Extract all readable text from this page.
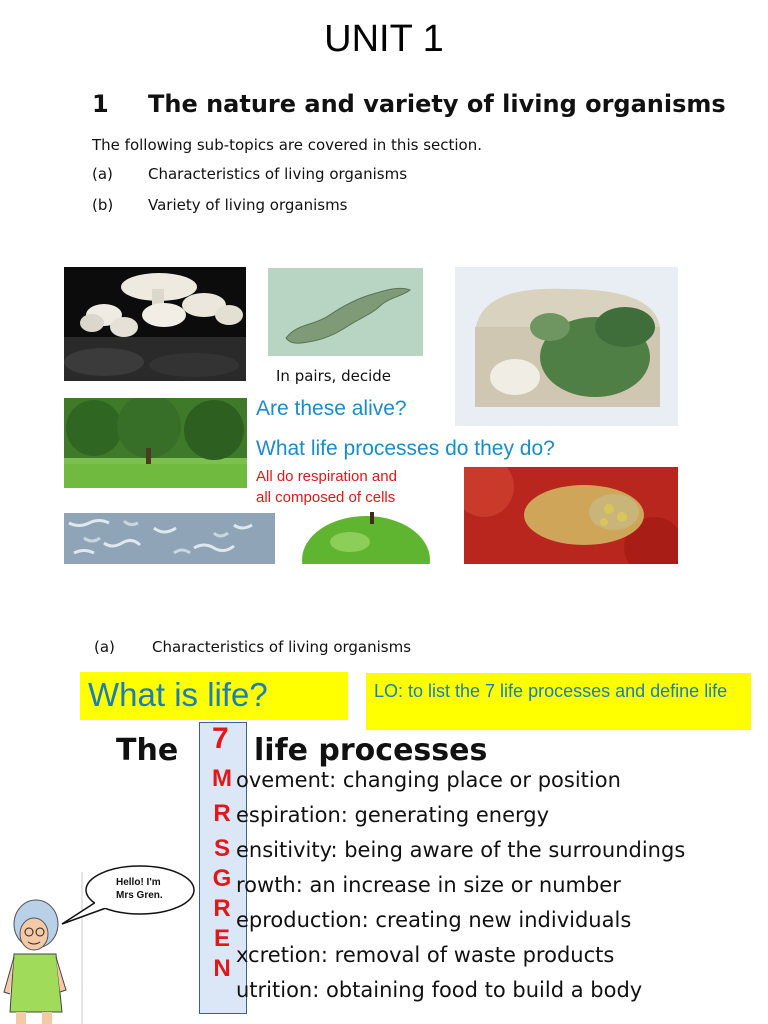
UNIT 1
1 The nature and variety of living organisms
The following sub-topics are covered in this section.
(a) Characteristics of living organisms
(b) Variety of living organisms
In pairs, decide
Are these alive?
What life processes do they do?
All do respiration and
all composed of cells
(a) Characteristics of living organisms
What is life?	LO: to list the 7 life processes and define life
The 7 life processes
M ovement: changing place or position
R espiration: generating energy
S ensitivity: being aware of the surroundings
G rowth: an increase in size or number
R eproduction: creating new individuals
E
xcretion: removal of waste products
N
utrition: obtaining food to build a body
Hello! I'm
Mrs Gren.
